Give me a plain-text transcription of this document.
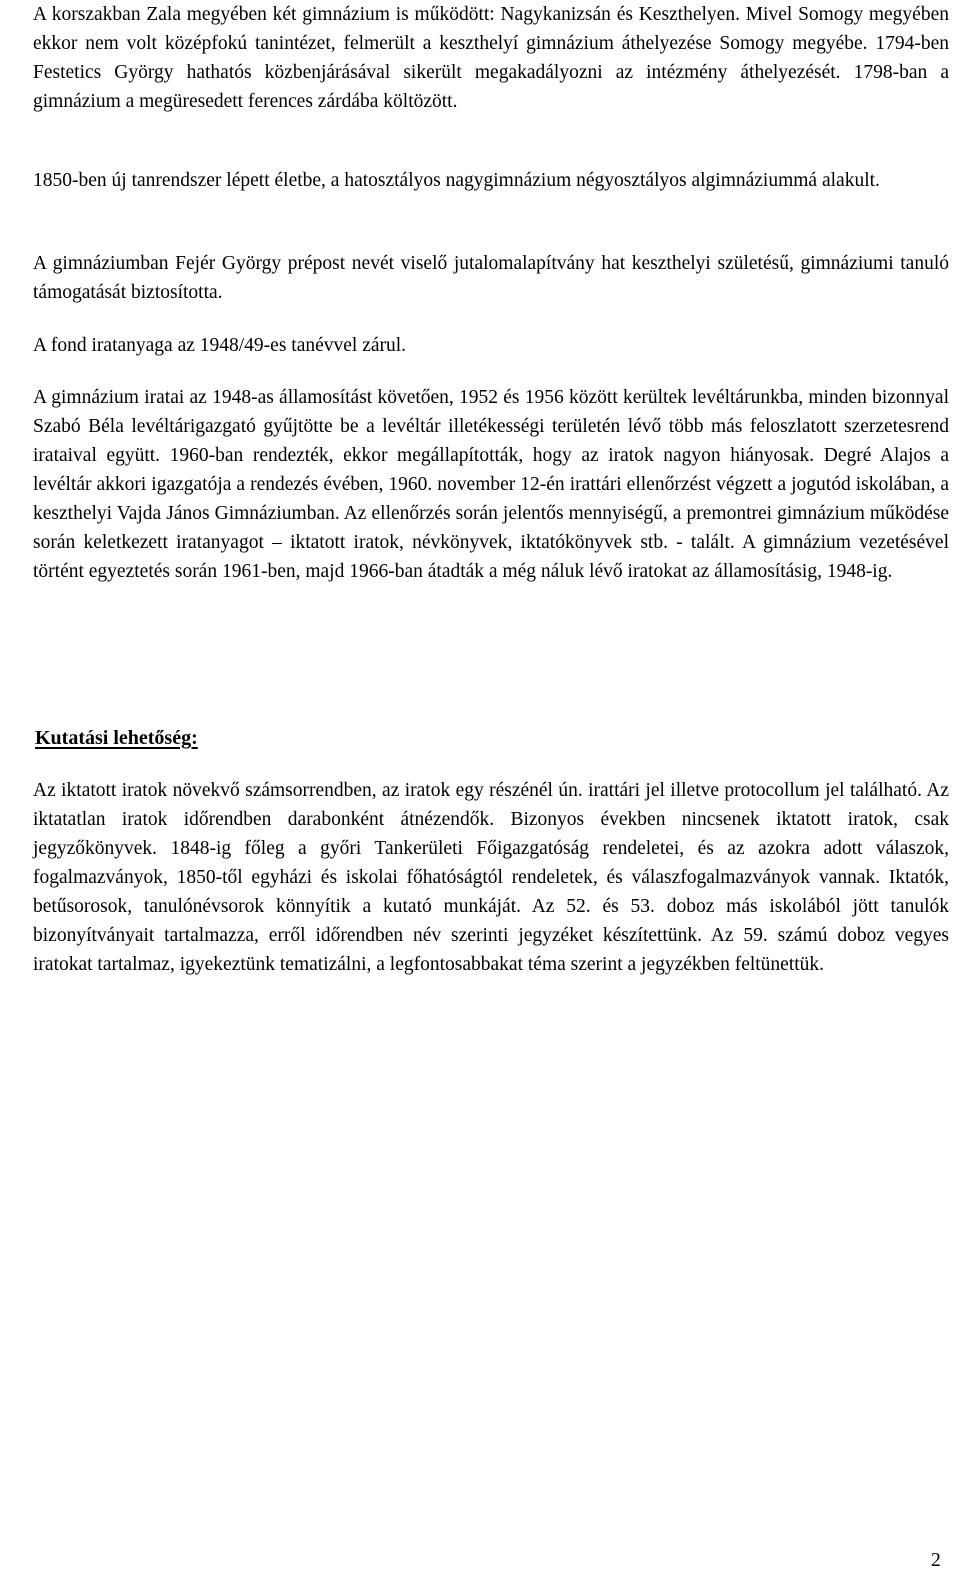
A korszakban Zala megyében két gimnázium is működött: Nagykanizsán és Keszthelyen. Mivel Somogy megyében ekkor nem volt középfokú tanintézet, felmerült a keszthelyí gimnázium áthelyezése Somogy megyébe. 1794-ben Festetics György hathatós közbenjárásával sikerült megakadályozni az intézmény áthelyezését. 1798-ban a gimnázium a megüresedett ferences zárdába költözött.

1850-ben új tanrendszer lépett életbe, a hatosztályos nagygimnázium négyosztályos algimnáziummá alakult.

A gimnáziumban Fejér György prépost nevét viselő jutalomalapítvány hat keszthelyi születésű, gimnáziumi tanuló támogatását biztosította.

A fond iratanyaga az 1948/49-es tanévvel zárul.

A gimnázium iratai az 1948-as államosítást követően, 1952 és 1956 között kerültek levéltárunkba, minden bizonnyal Szabó Béla levéltárigazgató gyűjtötte be a levéltár illetékességi területén lévő több más feloszlatott szerzetesrend irataival együtt. 1960-ban rendezték, ekkor megállapították, hogy az iratok nagyon hiányosak. Degré Alajos a levéltár akkori igazgatója a rendezés évében, 1960. november 12-én irattári ellenőrzést végzett a jogutód iskolában, a keszthelyi Vajda János Gimnáziumban. Az ellenőrzés során jelentős mennyiségű, a premontrei gimnázium működése során keletkezett iratanyagot – iktatott iratok, névkönyvek, iktatókönyvek stb. - talált. A gimnázium vezetésével történt egyeztetés során 1961-ben, majd 1966-ban átadták a még náluk lévő iratokat az államosításig, 1948-ig.

Kutatási lehetőség:

Az iktatott iratok növekvő számsorrendben, az iratok egy részénél ún. irattári jel illetve protocollum jel található. Az iktatatlan iratok időrendben darabonként átnézendők. Bizonyos években nincsenek iktatott iratok, csak jegyzőkönyvek. 1848-ig főleg a győri Tankerületi Főigazgatóság rendeletei, és az azokra adott válaszok, fogalmazványok, 1850-től egyházi és iskolai főhatóságtól rendeletek, és válaszfogalmazványok vannak. Iktatók, betűsorosok, tanulónévsorok könnyítik a kutató munkáját. Az 52. és 53. doboz más iskolából jött tanulók bizonyítványait tartalmazza, erről időrendben név szerinti jegyzéket készítettünk. Az 59. számú doboz vegyes iratokat tartalmaz, igyekeztünk tematizálni, a legfontosabbakat téma szerint a jegyzékben feltünettük.

2
